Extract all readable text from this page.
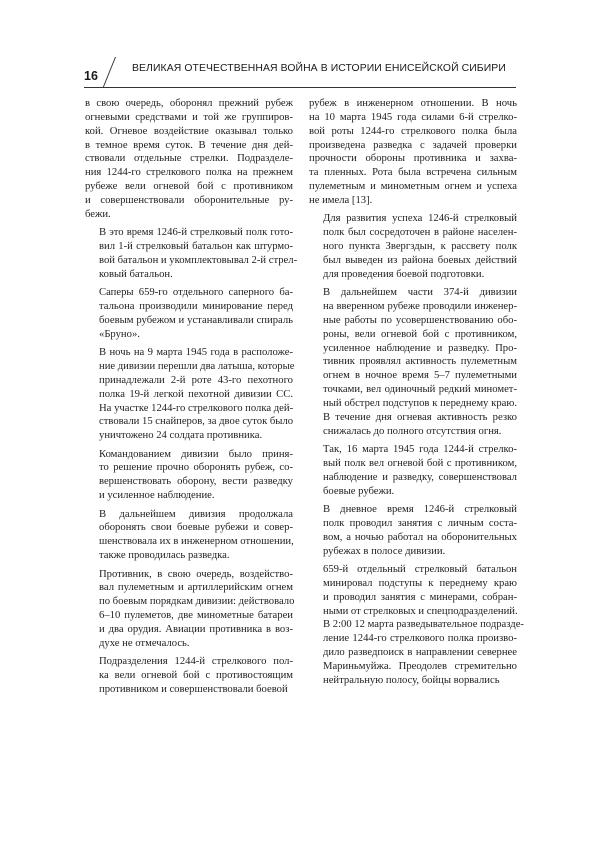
16
ВЕЛИКАЯ ОТЕЧЕСТВЕННАЯ ВОЙНА В ИСТОРИИ ЕНИСЕЙСКОЙ СИБИРИ

в свою очередь, оборонял прежний рубеж
огневыми средствами и той же группиров-
кой. Огневое воздействие оказывал только
в темное время суток. В течение дня дей-
ствовали отдельные стрелки. Подразделе-
ния 1244-го стрелкового полка на прежнем
рубеже вели огневой бой с противником
и совершенствовали оборонительные ру-
бежи.

В это время 1246-й стрелковый полк гото-
вил 1-й стрелковый батальон как штурмо-
вой батальон и укомплектовывал 2-й стрел-
ковый батальон.

Саперы 659-го отдельного саперного ба-
тальона производили минирование перед
боевым рубежом и устанавливали спираль
«Бруно».

В ночь на 9 марта 1945 года в расположе-
ние дивизии перешли два латыша, которые
принадлежали 2-й роте 43-го пехотного
полка 19-й легкой пехотной дивизии СС.
На участке 1244-го стрелкового полка дей-
ствовали 15 снайперов, за двое суток было
уничтожено 24 солдата противника.

Командованием дивизии было приня-
то решение прочно оборонять рубеж, со-
вершенствовать оборону, вести разведку
и усиленное наблюдение.

В дальнейшем дивизия продолжала
оборонять свои боевые рубежи и совер-
шенствовала их в инженерном отношении,
также проводилась разведка.

Противник, в свою очередь, воздейство-
вал пулеметным и артиллерийским огнем
по боевым порядкам дивизии: действовало
6–10 пулеметов, две минометные батареи
и два орудия. Авиации противника в воз-
духе не отмечалось.

Подразделения 1244-й стрелкового пол-
ка вели огневой бой с противостоящим
противником и совершенствовали боевой

рубеж в инженерном отношении. В ночь
на 10 марта 1945 года силами 6-й стрелко-
вой роты 1244-го стрелкового полка была
произведена разведка с задачей проверки
прочности обороны противника и захва-
та пленных. Рота была встречена сильным
пулеметным и минометным огнем и успеха
не имела [13].

Для развития успеха 1246-й стрелковый
полк был сосредоточен в районе населен-
ного пункта Звергздын, к рассвету полк
был выведен из района боевых действий
для проведения боевой подготовки.

В дальнейшем части 374-й дивизии
на вверенном рубеже проводили инженер-
ные работы по усовершенствованию обо-
роны, вели огневой бой с противником,
усиленное наблюдение и разведку. Про-
тивник проявлял активность пулеметным
огнем в ночное время 5–7 пулеметными
точками, вел одиночный редкий миномет-
ный обстрел подступов к переднему краю.
В течение дня огневая активность резко
снижалась до полного отсутствия огня.

Так, 16 марта 1945 года 1244-й стрелко-
вый полк вел огневой бой с противником,
наблюдение и разведку, совершенствовал
боевые рубежи.

В дневное время 1246-й стрелковый
полк проводил занятия с личным соста-
вом, а ночью работал на оборонительных
рубежах в полосе дивизии.

659-й отдельный стрелковый батальон
минировал подступы к переднему краю
и проводил занятия с минерами, собран-
ными от стрелковых и спецподразделений.
В 2:00 12 марта разведывательное подразде-
ление 1244-го стрелкового полка произво-
дило разведпоиск в направлении севернее
Мариньмуйжа. Преодолев стремительно
нейтральную полосу, бойцы ворвались
